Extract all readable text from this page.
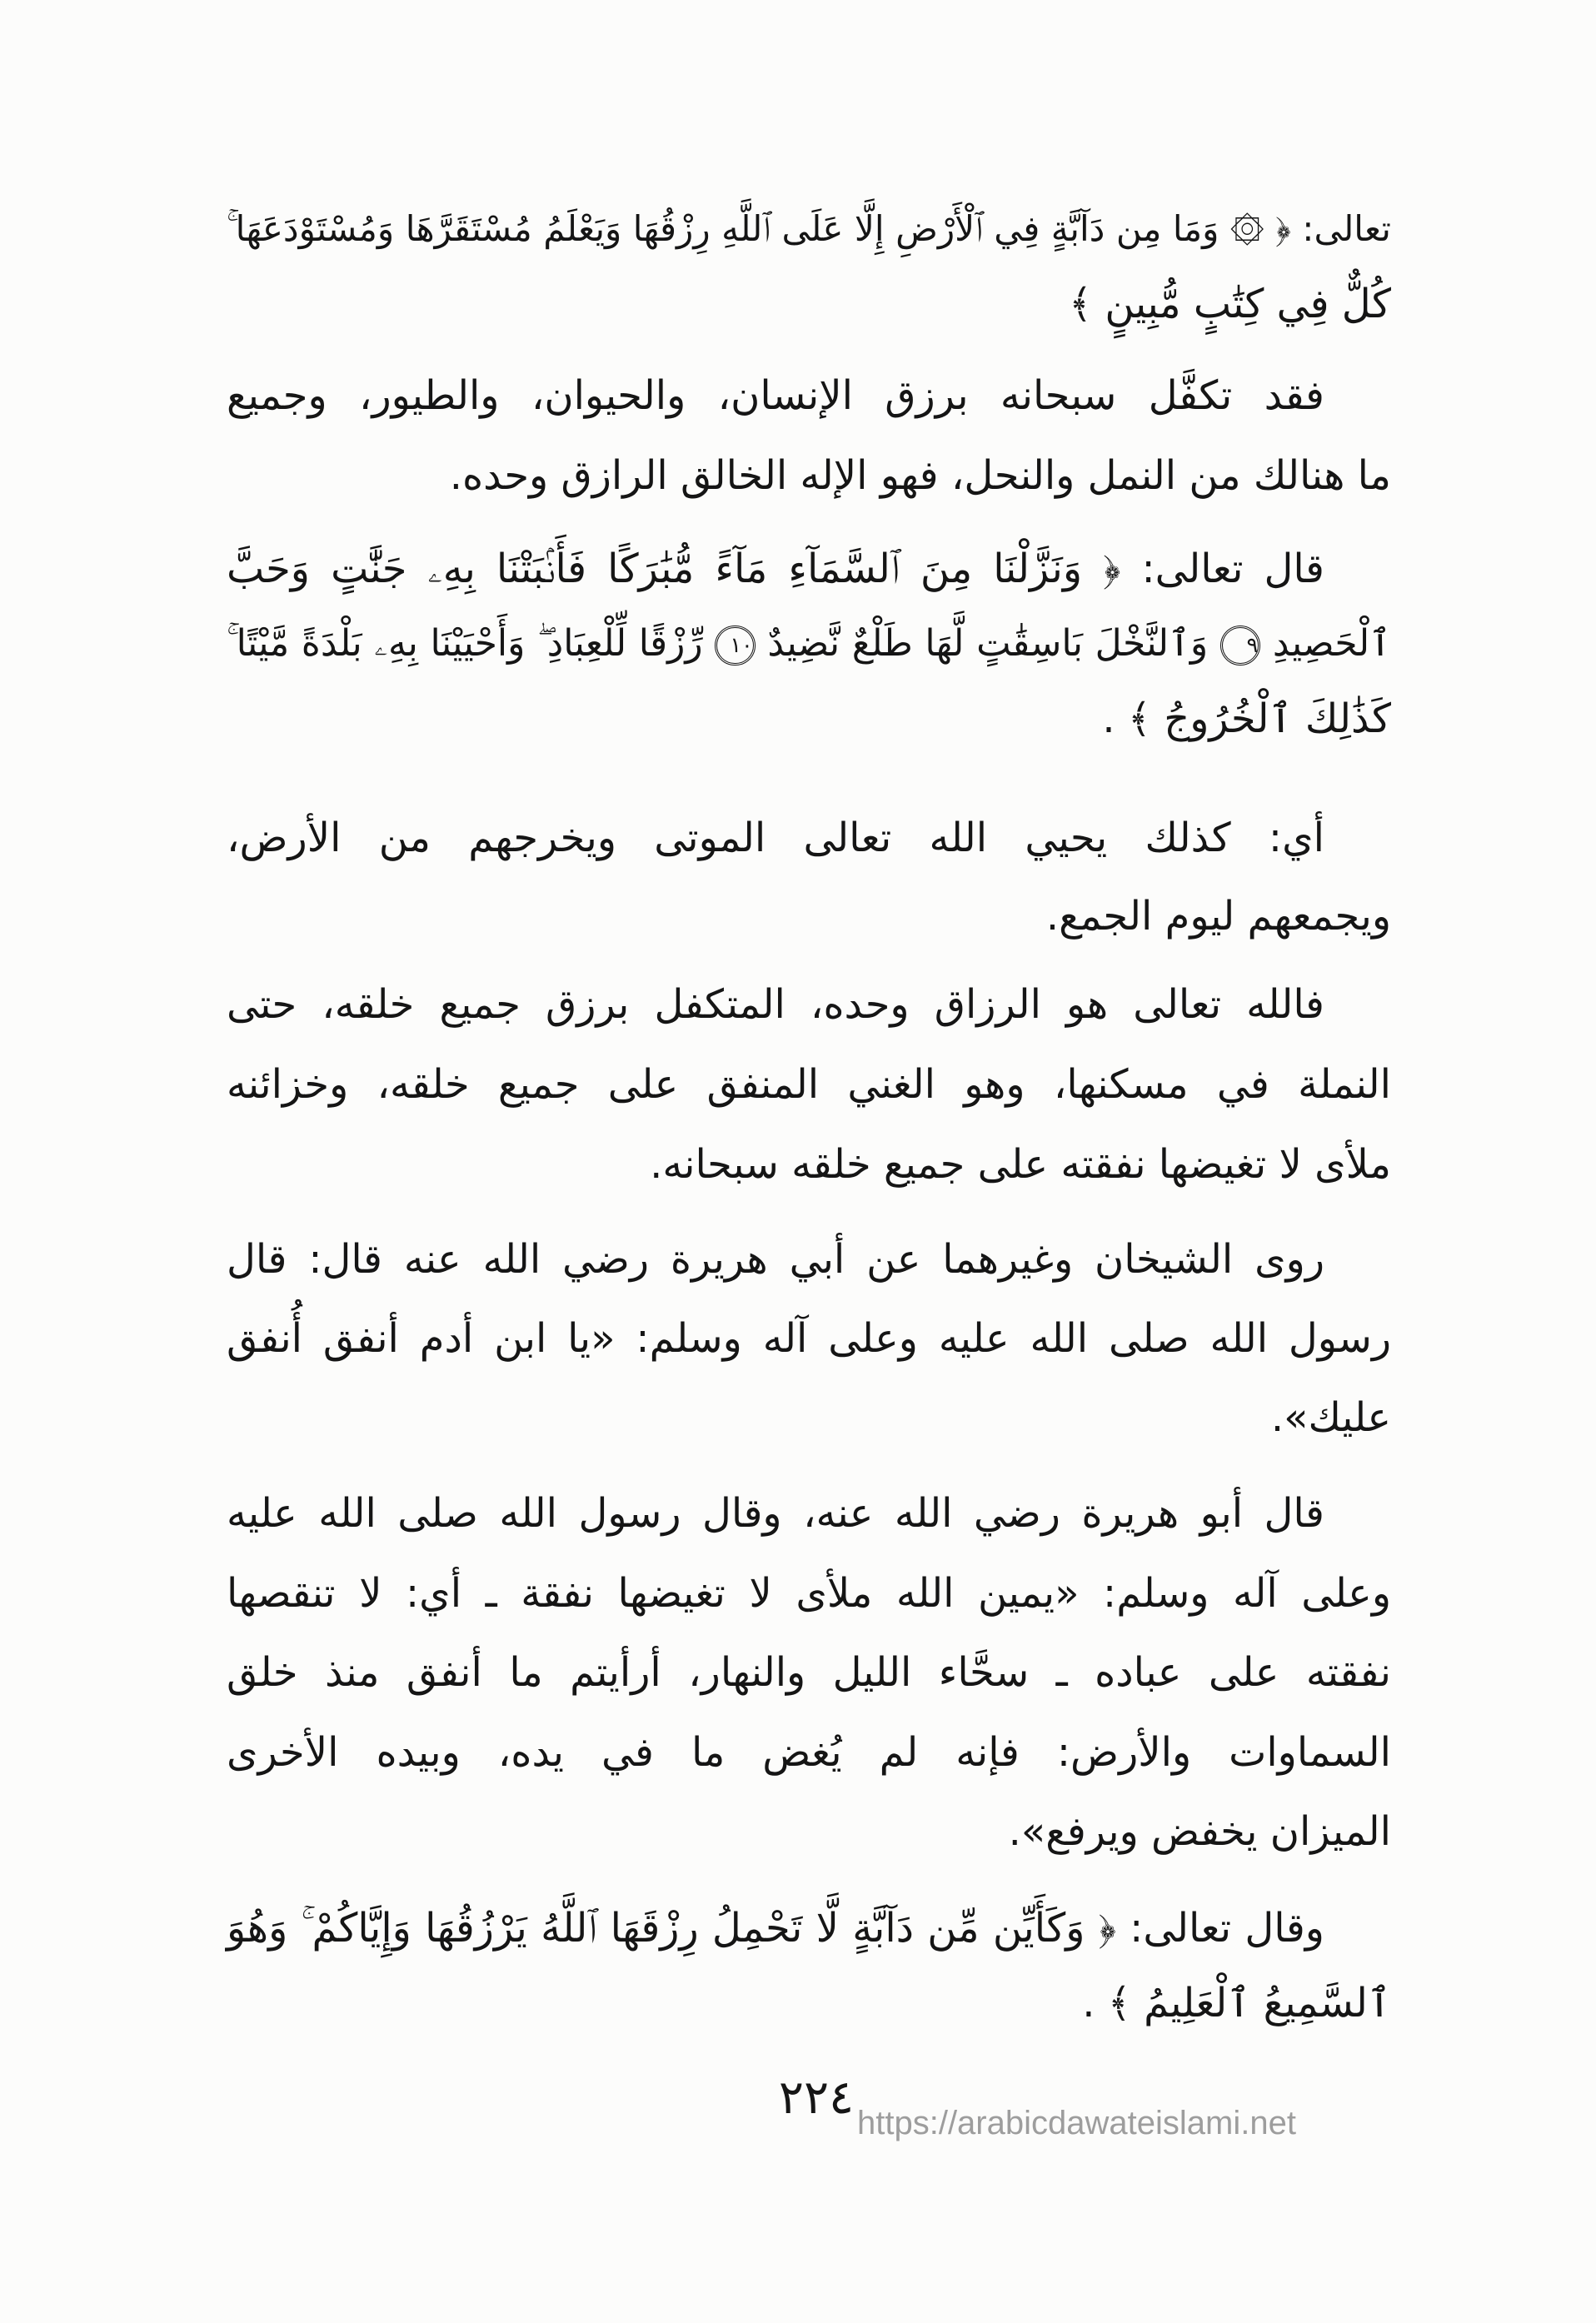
تعالى: ﴿ ۞ وَمَا مِن دَآبَّةٍ فِي ٱلْأَرْضِ إِلَّا عَلَى ٱللَّهِ رِزْقُهَا وَيَعْلَمُ مُسْتَقَرَّهَا وَمُسْتَوْدَعَهَا ۚ
كُلٌّ فِي كِتَٰبٍ مُّبِينٍ ﴾
فقد تكفَّل سبحانه برزق الإنسان، والحيوان، والطيور، وجميع
ما هنالك من النمل والنحل، فهو الإله الخالق الرازق وحده.
قال تعالى: ﴿ وَنَزَّلْنَا مِنَ ٱلسَّمَآءِ مَآءً مُّبَٰرَكًا فَأَنۢبَتْنَا بِهِۦ جَنَّٰتٍ وَحَبَّ
ٱلْحَصِيدِ ٩ وَٱلنَّخْلَ بَاسِقَٰتٍ لَّهَا طَلْعٌ نَّضِيدٌ ١٠ رِّزْقًا لِّلْعِبَادِ ۖ وَأَحْيَيْنَا بِهِۦ بَلْدَةً مَّيْتًا ۚ
كَذَٰلِكَ ٱلْخُرُوجُ ﴾ .
أي: كذلك يحيي الله تعالى الموتى ويخرجهم من الأرض،
ويجمعهم ليوم الجمع.
فالله تعالى هو الرزاق وحده، المتكفل برزق جميع خلقه، حتى
النملة في مسكنها، وهو الغني المنفق على جميع خلقه، وخزائنه
ملأى لا تغيضها نفقته على جميع خلقه سبحانه.
روى الشيخان وغيرهما عن أبي هريرة رضي الله عنه قال: قال
رسول الله صلى الله عليه وعلى آله وسلم: «يا ابن أدم أنفق أُنفق
عليك».
قال أبو هريرة رضي الله عنه، وقال رسول الله صلى الله عليه
وعلى آله وسلم: «يمين الله ملأى لا تغيضها نفقة ـ أي: لا تنقصها
نفقته على عباده ـ سحَّاء الليل والنهار، أرأيتم ما أنفق منذ خلق
السماوات والأرض: فإنه لم يُغض ما في يده، وبيده الأخرى
الميزان يخفض ويرفع».
وقال تعالى: ﴿ وَكَأَيِّن مِّن دَآبَّةٍ لَّا تَحْمِلُ رِزْقَهَا ٱللَّهُ يَرْزُقُهَا وَإِيَّاكُمْ ۚ وَهُوَ
ٱلسَّمِيعُ ٱلْعَلِيمُ ﴾ .
٢٢٤ https://arabicdawateislami.net
